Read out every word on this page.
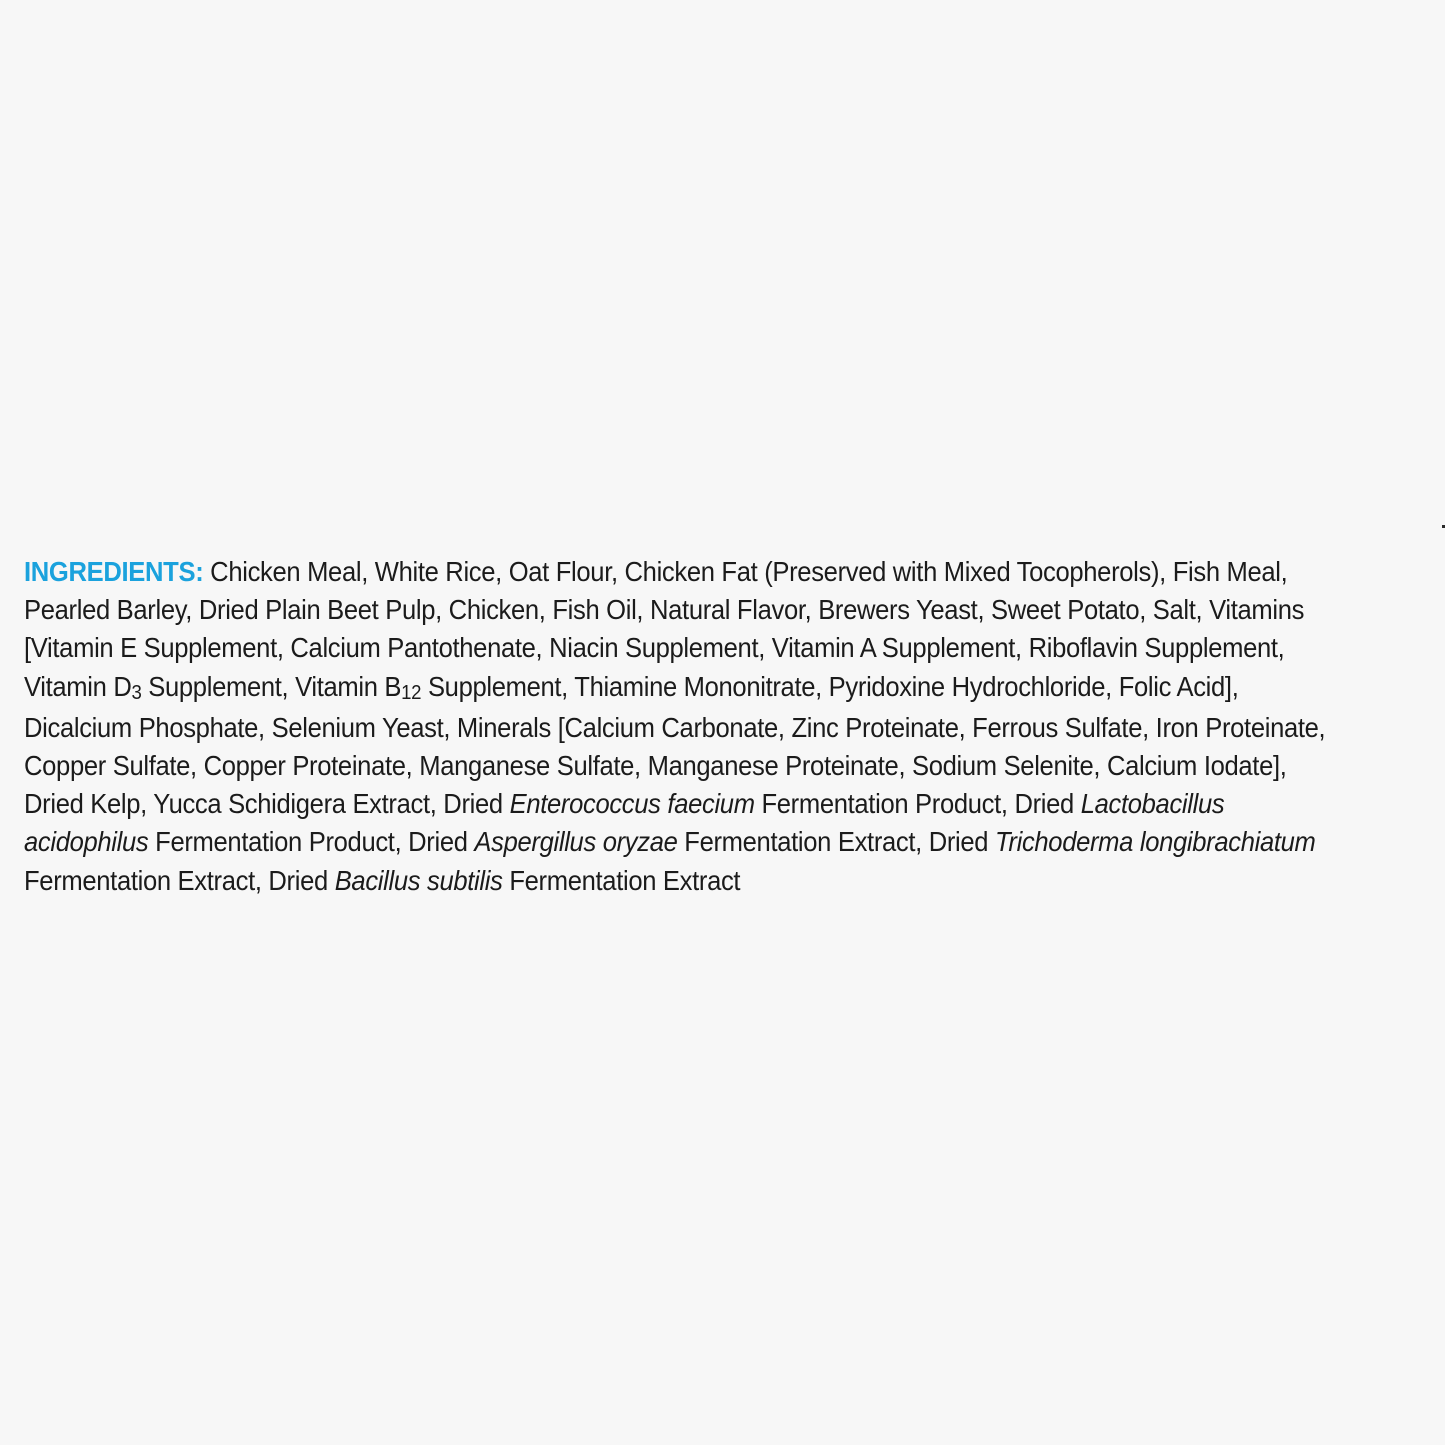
INGREDIENTS: Chicken Meal, White Rice, Oat Flour, Chicken Fat (Preserved with Mixed Tocopherols), Fish Meal,
Pearled Barley, Dried Plain Beet Pulp, Chicken, Fish Oil, Natural Flavor, Brewers Yeast, Sweet Potato, Salt, Vitamins
[Vitamin E Supplement, Calcium Pantothenate, Niacin Supplement, Vitamin A Supplement, Riboflavin Supplement,
Vitamin D3 Supplement, Vitamin B12 Supplement, Thiamine Mononitrate, Pyridoxine Hydrochloride, Folic Acid],
Dicalcium Phosphate, Selenium Yeast, Minerals [Calcium Carbonate, Zinc Proteinate, Ferrous Sulfate, Iron Proteinate,
Copper Sulfate, Copper Proteinate, Manganese Sulfate, Manganese Proteinate, Sodium Selenite, Calcium Iodate],
Dried Kelp, Yucca Schidigera Extract, Dried Enterococcus faecium Fermentation Product, Dried Lactobacillus
acidophilus Fermentation Product, Dried Aspergillus oryzae Fermentation Extract, Dried Trichoderma longibrachiatum
Fermentation Extract, Dried Bacillus subtilis Fermentation Extract
